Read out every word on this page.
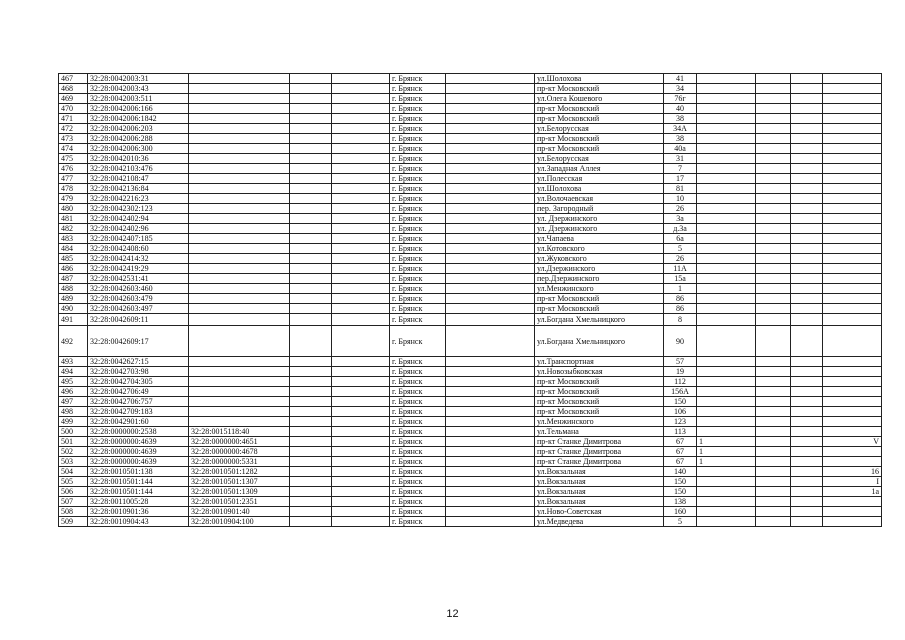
467	32:28:0042003:31				г. Брянск		ул.Шолохова	41				
468	32:28:0042003:43				г. Брянск		пр-кт Московский	34				
469	32:28:0042003:511				г. Брянск		ул.Олега Кошевого	76г				
470	32:28:0042006:166				г. Брянск		пр-кт Московский	40				
471	32:28:0042006:1842				г. Брянск		пр-кт Московский	38				
472	32:28:0042006:203				г. Брянск		ул.Белорусская	34А				
473	32:28:0042006:288				г. Брянск		пр-кт Московский	38				
474	32:28:0042006:300				г. Брянск		пр-кт Московский	40а				
475	32:28:0042010:36				г. Брянск		ул.Белорусская	31				
476	32:28:0042103:476				г. Брянск		ул.Западная Аллея	7				
477	32:28:0042108:47				г. Брянск		ул.Полесская	17				
478	32:28:0042136:84				г. Брянск		ул.Шолохова	81				
479	32:28:0042216:23				г. Брянск		ул.Волочаевская	10				
480	32:28:0042302:123				г. Брянск		пер. Загородный	26				
481	32:28:0042402:94				г. Брянск		ул. Дзержинского	3а				
482	32:28:0042402:96				г. Брянск		ул. Дзержинского	д.3а				
483	32:28:0042407:185				г. Брянск		ул.Чапаева	6а				
484	32:28:0042408:60				г. Брянск		ул.Котовского	5				
485	32:28:0042414:32				г. Брянск		ул.Жуковского	26				
486	32:28:0042419:29				г. Брянск		ул.Дзержинского	11А				
487	32:28:0042531:41				г. Брянск		пер.Дзержинского	15а				
488	32:28:0042603:460				г. Брянск		ул.Менжинского	1				
489	32:28:0042603:479				г. Брянск		пр-кт Московский	86				
490	32:28:0042603:497				г. Брянск		пр-кт Московский	86				
491	32:28:0042609:11				г. Брянск		ул.Богдана Хмельницкого	8				
492	32:28:0042609:17				г. Брянск		ул.Богдана Хмельницкого	90				
493	32:28:0042627:15				г. Брянск		ул.Транспортная	57				
494	32:28:0042703:98				г. Брянск		ул.Новозыбковская	19				
495	32:28:0042704:305				г. Брянск		пр-кт Московский	112				
496	32:28:0042706:49				г. Брянск		пр-кт Московский	156А				
497	32:28:0042706:757				г. Брянск		пр-кт Московский	150				
498	32:28:0042709:183				г. Брянск		пр-кт Московский	106				
499	32:28:0042901:60				г. Брянск		ул.Менжинского	123				
500	32:28:0000000:2538	32:28:0015118:40			г. Брянск		ул.Тельмана	113				
501	32:28:0000000:4639	32:28:0000000:4651			г. Брянск		пр-кт Станке Димитрова	67	1			V
502	32:28:0000000:4639	32:28:0000000:4678			г. Брянск		пр-кт Станке Димитрова	67	1			
503	32:28:0000000:4639	32:28:0000000:5331			г. Брянск		пр-кт Станке Димитрова	67	1			
504	32:28:0010501:138	32:28:0010501:1282			г. Брянск		ул.Вокзальная	140				16
505	32:28:0010501:144	32:28:0010501:1307			г. Брянск		ул.Вокзальная	150				I
506	32:28:0010501:144	32:28:0010501:1309			г. Брянск		ул.Вокзальная	150				1а
507	32:28:0011005:28	32:28:0010501:2351			г. Брянск		ул.Вокзальная	138				
508	32:28:0010901:36	32:28:0010901:40			г. Брянск		ул.Ново-Советская	160				
509	32:28:0010904:43	32:28:0010904:100			г. Брянск		ул.Медведева	5				
12
